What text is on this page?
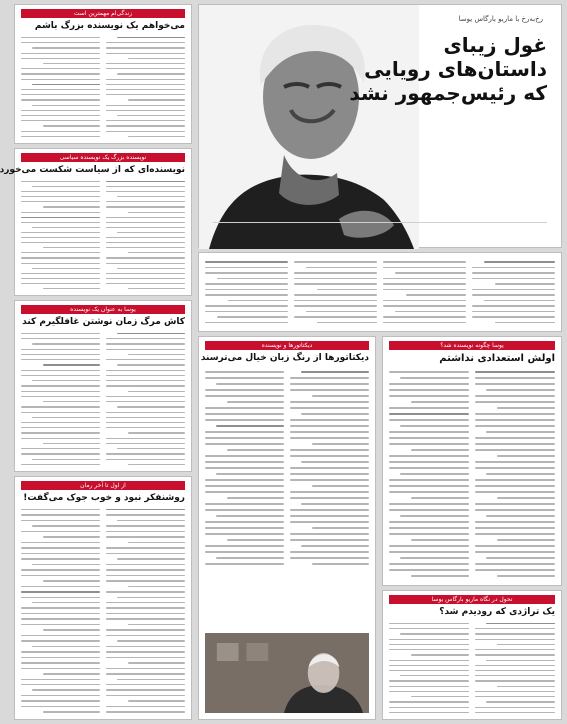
زندگی‌ام مهمترین است
می‌خواهم یک نویسنده بزرگ باشم
نویسنده بزرگ یک نویسنده سیاسی
نویسنده‌ای که از سیاست شکست می‌خورد
یوسا به عنوان یک نویسنده
کاش مرگ زمان نوشتن غافلگیرم کند
از اول تا آخر رمان
روشنفکر نبود و خوب جوک می‌گفت!
رخ‌به‌رخ با ماریو بارگاس یوسا
غول زیبای داستان‌های رویایی که رئیس‌جمهور نشد
دیکتاتورها و نویسنده
دیکتاتورها از رنگ زبان خیال می‌ترسند
یوسا چگونه نویسنده شد؟
اولش استعدادی نداشتم
تحول در نگاه ماریو بارگاس یوسا
یک تراژدی که رودیدم شد؟
